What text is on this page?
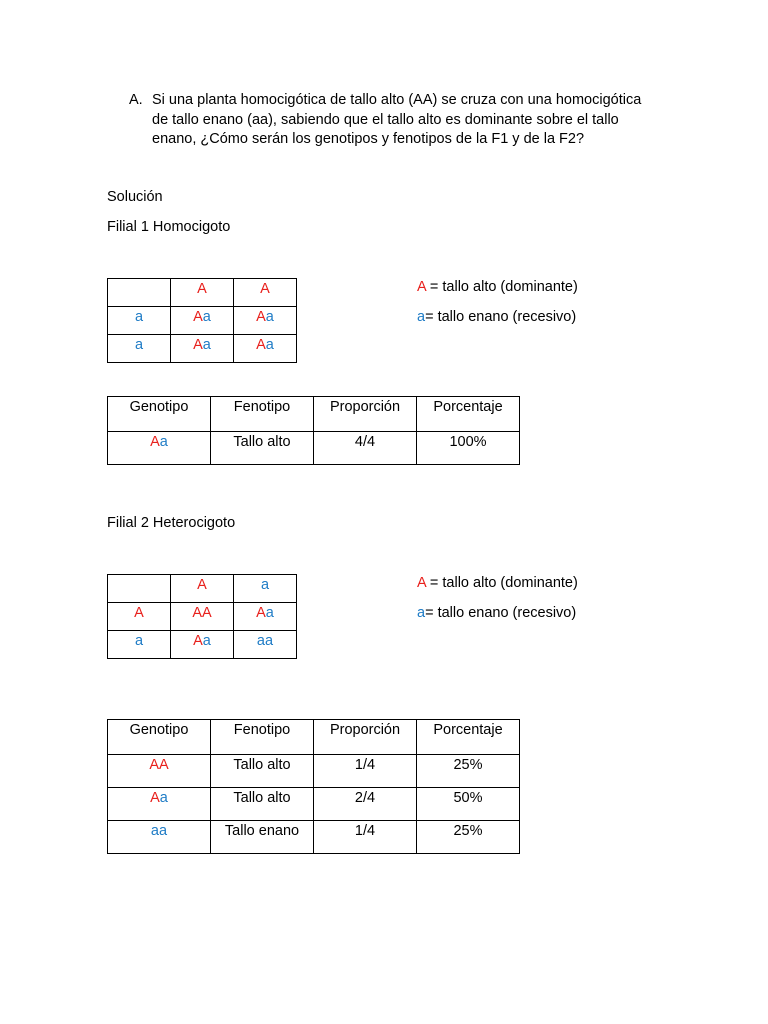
A. Si una planta homocigótica de tallo alto (AA) se cruza con una homocigótica
de tallo enano (aa), sabiendo que el tallo alto es dominante sobre el tallo
enano, ¿Cómo serán los genotipos y fenotipos de la F1 y de la F2?
Solución
Filial 1 Homocigoto
	A	A
a	Aa	Aa
a	Aa	Aa
A = tallo alto (dominante)
a= tallo enano (recesivo)
Genotipo	Fenotipo	Proporción	Porcentaje
Aa	Tallo alto	4/4	100%
Filial 2 Heterocigoto
	A	a
A	AA	Aa
a	Aa	aa
A = tallo alto (dominante)
a= tallo enano (recesivo)
Genotipo	Fenotipo	Proporción	Porcentaje
AA	Tallo alto	1/4	25%
Aa	Tallo alto	2/4	50%
aa	Tallo enano	1/4	25%
